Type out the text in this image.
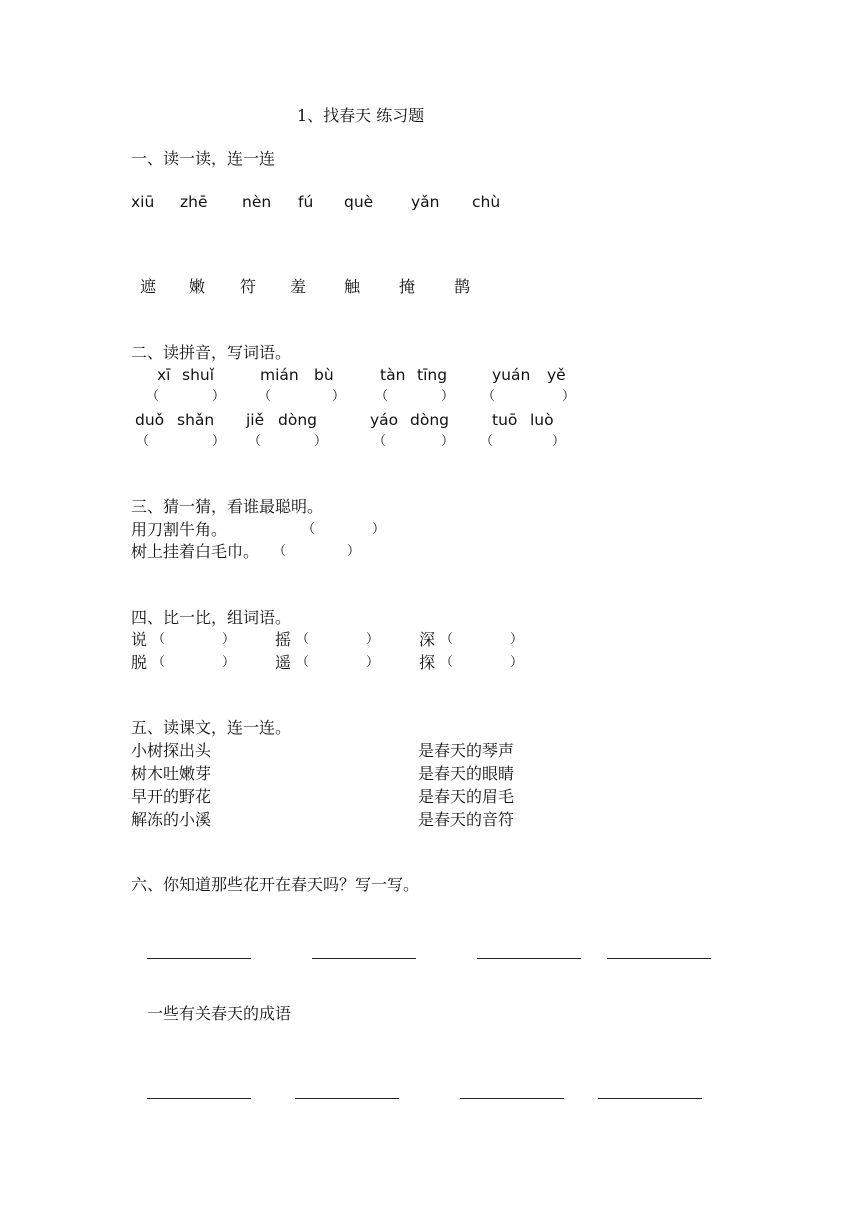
1、找春天 练习题
一、读一读，连一连
xiū zhē nèn fú què yǎn chù
遮 嫩 符 羞 触 掩 鹊
二、读拼音，写词语。
xī shuǐ	mián bù	tàn tīng	yuán yě
（	）	（	） （	） （	）
duǒ shǎn jiě dòng	yáo dòng	tuō luò
（	） （	）	（	） （	）
三、猜一猜，看谁最聪明。
用刀割牛角。	（	）
树上挂着白毛巾。 （	）
四、比一比，组词语。
说 （	） 摇 （	） 深 （	）
脱 （	） 遥 （	） 探 （	）
五、读课文，连一连。
小树探出头
树木吐嫩芽
早开的野花
解冻的小溪
是春天的琴声
是春天的眼睛
是春天的眉毛
是春天的音符
六、你知道那些花开在春天吗？写一写。
一些有关春天的成语
